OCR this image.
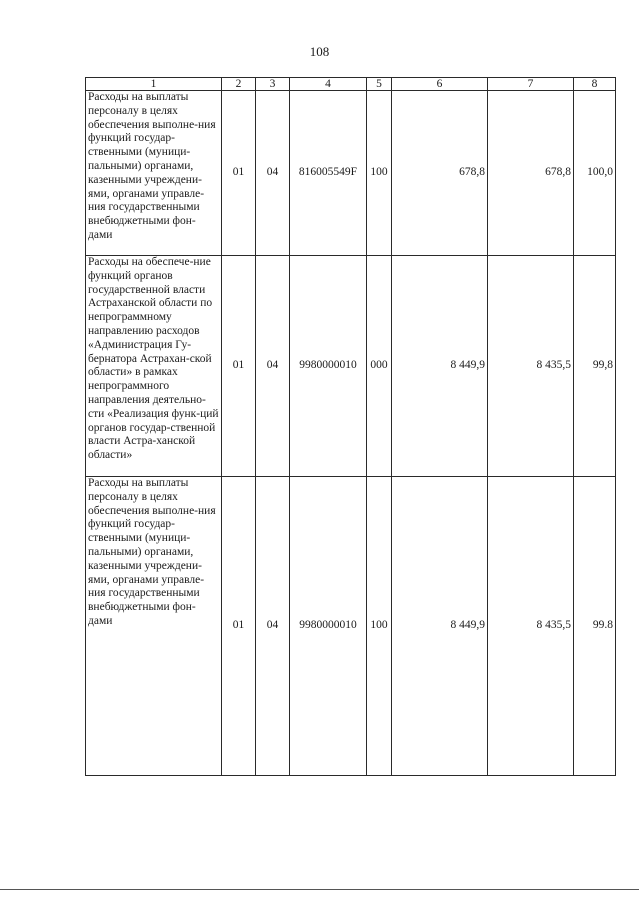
108
1	2	3	4	5	6	7	8
Расходы на выплаты персоналу в целях обеспечения выполне-ния функций государ-ственными (муници-пальными) органами, казенными учреждени-ями, органами управле-ния государственными внебюджетными фон-дами	01	04	816005549F	100	678,8	678,8	100,0
Расходы на обеспече-ние функций органов государственной власти Астраханской области по непрограммному направлению расходов «Администрация Гу-бернатора Астрахан-ской области» в рамках непрограммного направления деятельно-сти «Реализация функ-ций органов государ-ственной власти Астра-ханской области»	01	04	9980000010	000	8 449,9	8 435,5	99,8
Расходы на выплаты персоналу в целях обеспечения выполне-ния функций государ-ственными (муници-пальными) органами, казенными учреждени-ями, органами управле-ния государственными внебюджетными фон-дами	01	04	9980000010	100	8 449,9	8 435,5	99.8
